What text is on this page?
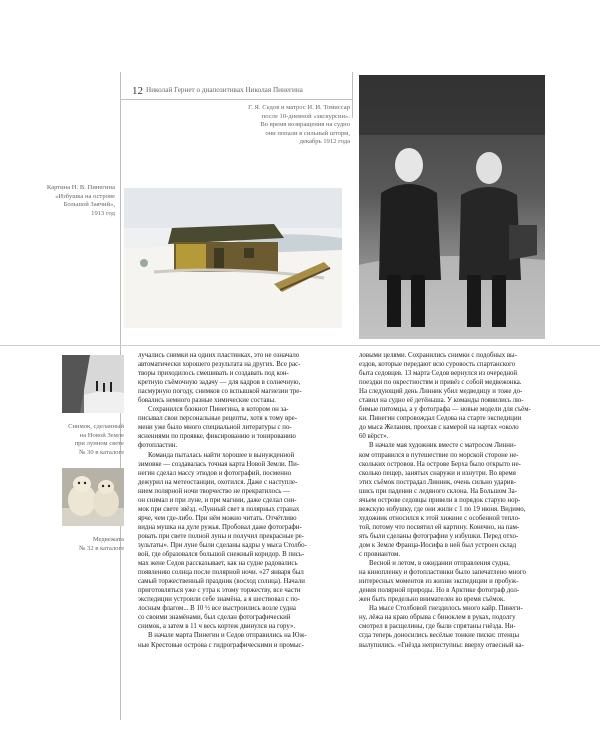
12 Николай Гернет о диапозитивах Николая Пинегина
Г. Я. Седов и матрос И. И. Томиссар
после 10-дневной «экскурсии».
Во время возвращения на судно
они попали в сильный шторм,
декабрь 1912 года
Картина Н. В. Пинегина
«Избушка на острове
Большой Заячий»,
1913 год
Снимок, сделанный
на Новой Земле
при лунном свете
№ 30 в каталоге
Медвежата
№ 32 в каталоге
лучались снимки на одних пластинках, это не означало
автоматически хорошего результата на других. Все рас-
творы приходилось смешивать и создавать под кон-
кретную съёмочную задачу — для кадров в солнечную,
пасмурную погоду, снимков со вспышкой магнезии тре-
бовались немного разные химические составы.
Сохранился блокнот Пинегина, в котором он за-
писывал свои персональные рецепты, хотя к тому вре-
мени уже было много специальной литературы с по-
яснениями по проявке, фиксированию и тонированию
фотопластин.
Команда пыталась найти хорошее в вынужденной
зимовке — создавалась точная карта Новой Земли. Пи-
негин сделал массу этюдов и фотографий, посменно
дежурил на метеостанции, охотился. Даже с наступле-
нием полярной ночи творчество не прекратилось —
он снимал и при луне, и при магнии, даже сделал сни-
мок при свете звёзд. «Лунный свет в полярных странах
ярче, чем где-либо. При нём можно читать. Отчётливо
видна мушка на дуле ружья. Пробовал даже фотографи-
ровать при свете полной луны и получил прекрасные ре-
зультаты». При луне были сделаны кадры у мыса Столбо-
вой, где образовался большой снежный коридор. В пись-
мах жене Седов рассказывает, как на судне радовались
появлению солнца после полярной ночи. «27 января был
самый торжественный праздник (восход солнца). Начали
приготовляться уже с утра к этому торжеству, все части
экспедиции устроили себе знамёна, а я шествовал с по-
лосным флагом... В 10 ½ все выстроились возле судна
со своими знамёнами, был сделан фотографический
снимок, а затем в 11 ч весь кортеж двинулся на гору».
В начале марта Пинегин и Седов отправились на Юж-
ные Крестовые острова с гидрографическими и промыс-
ловыми целями. Сохранились снимки с подобных вы-
ездов, которые передают всю суровость спартанского
быта седовцев. 13 марта Седов вернулся из очередной
поездки по окрестностям и привёз с собой медвежонка.
На следующий день Линник убил медведицу и тоже до-
ставил на судно её детёнышa. У команды появились лю-
бимые питомцы, а у фотографа — новые модели для съём-
ки. Пинегин сопровождал Седова на старте экспедиции
до мыса Желания, проехав с камерой на нартах «около
60 вёрст».
В начале мая художник вместе с матросом Линни-
ком отправился в путешествие по морской стороне не-
скольких островов. На острове Берха было открыто не-
сколько пещер, занятых снаружи и изнутри. Во время
этих съёмок пострадал Линник, очень сильно ударив-
шись при падении с ледяного склона. На Большом За-
ячьем острове седовцы привели в порядок старую нор-
вежскую избушку, где они жили с 1 по 19 июня. Видимо,
художник относился к этой хижине с особенной теплo-
той, потому что посвятил ей картину. Конечно, на пам-
ять были сделаны фотографии у избушки. Перед отхо-
дом к Земле Франца-Иосифа в ней был устроен склад
с провиантом.
Весной и летом, в ожидании отправления судна,
на кинопленку и фотопластинки было запечатлено много
интересных моментов из жизни экспедиции и пробуж-
дения полярной природы. Но в Арктике фотограф дол-
жен быть предельно внимателен во время съёмок.
На мысе Столбовой гнездилось много кайр. Пинеги-
ну, лёжа на краю обрыва с биноклем в руках, подолгу
смотрел в расщелины, где были спрятаны гнёзда. Ни-
сгда теперь доносились весёлые тонкие писки: птенцы
вылупились. «Гнёзда неприступны: вверху отвесный ка-
